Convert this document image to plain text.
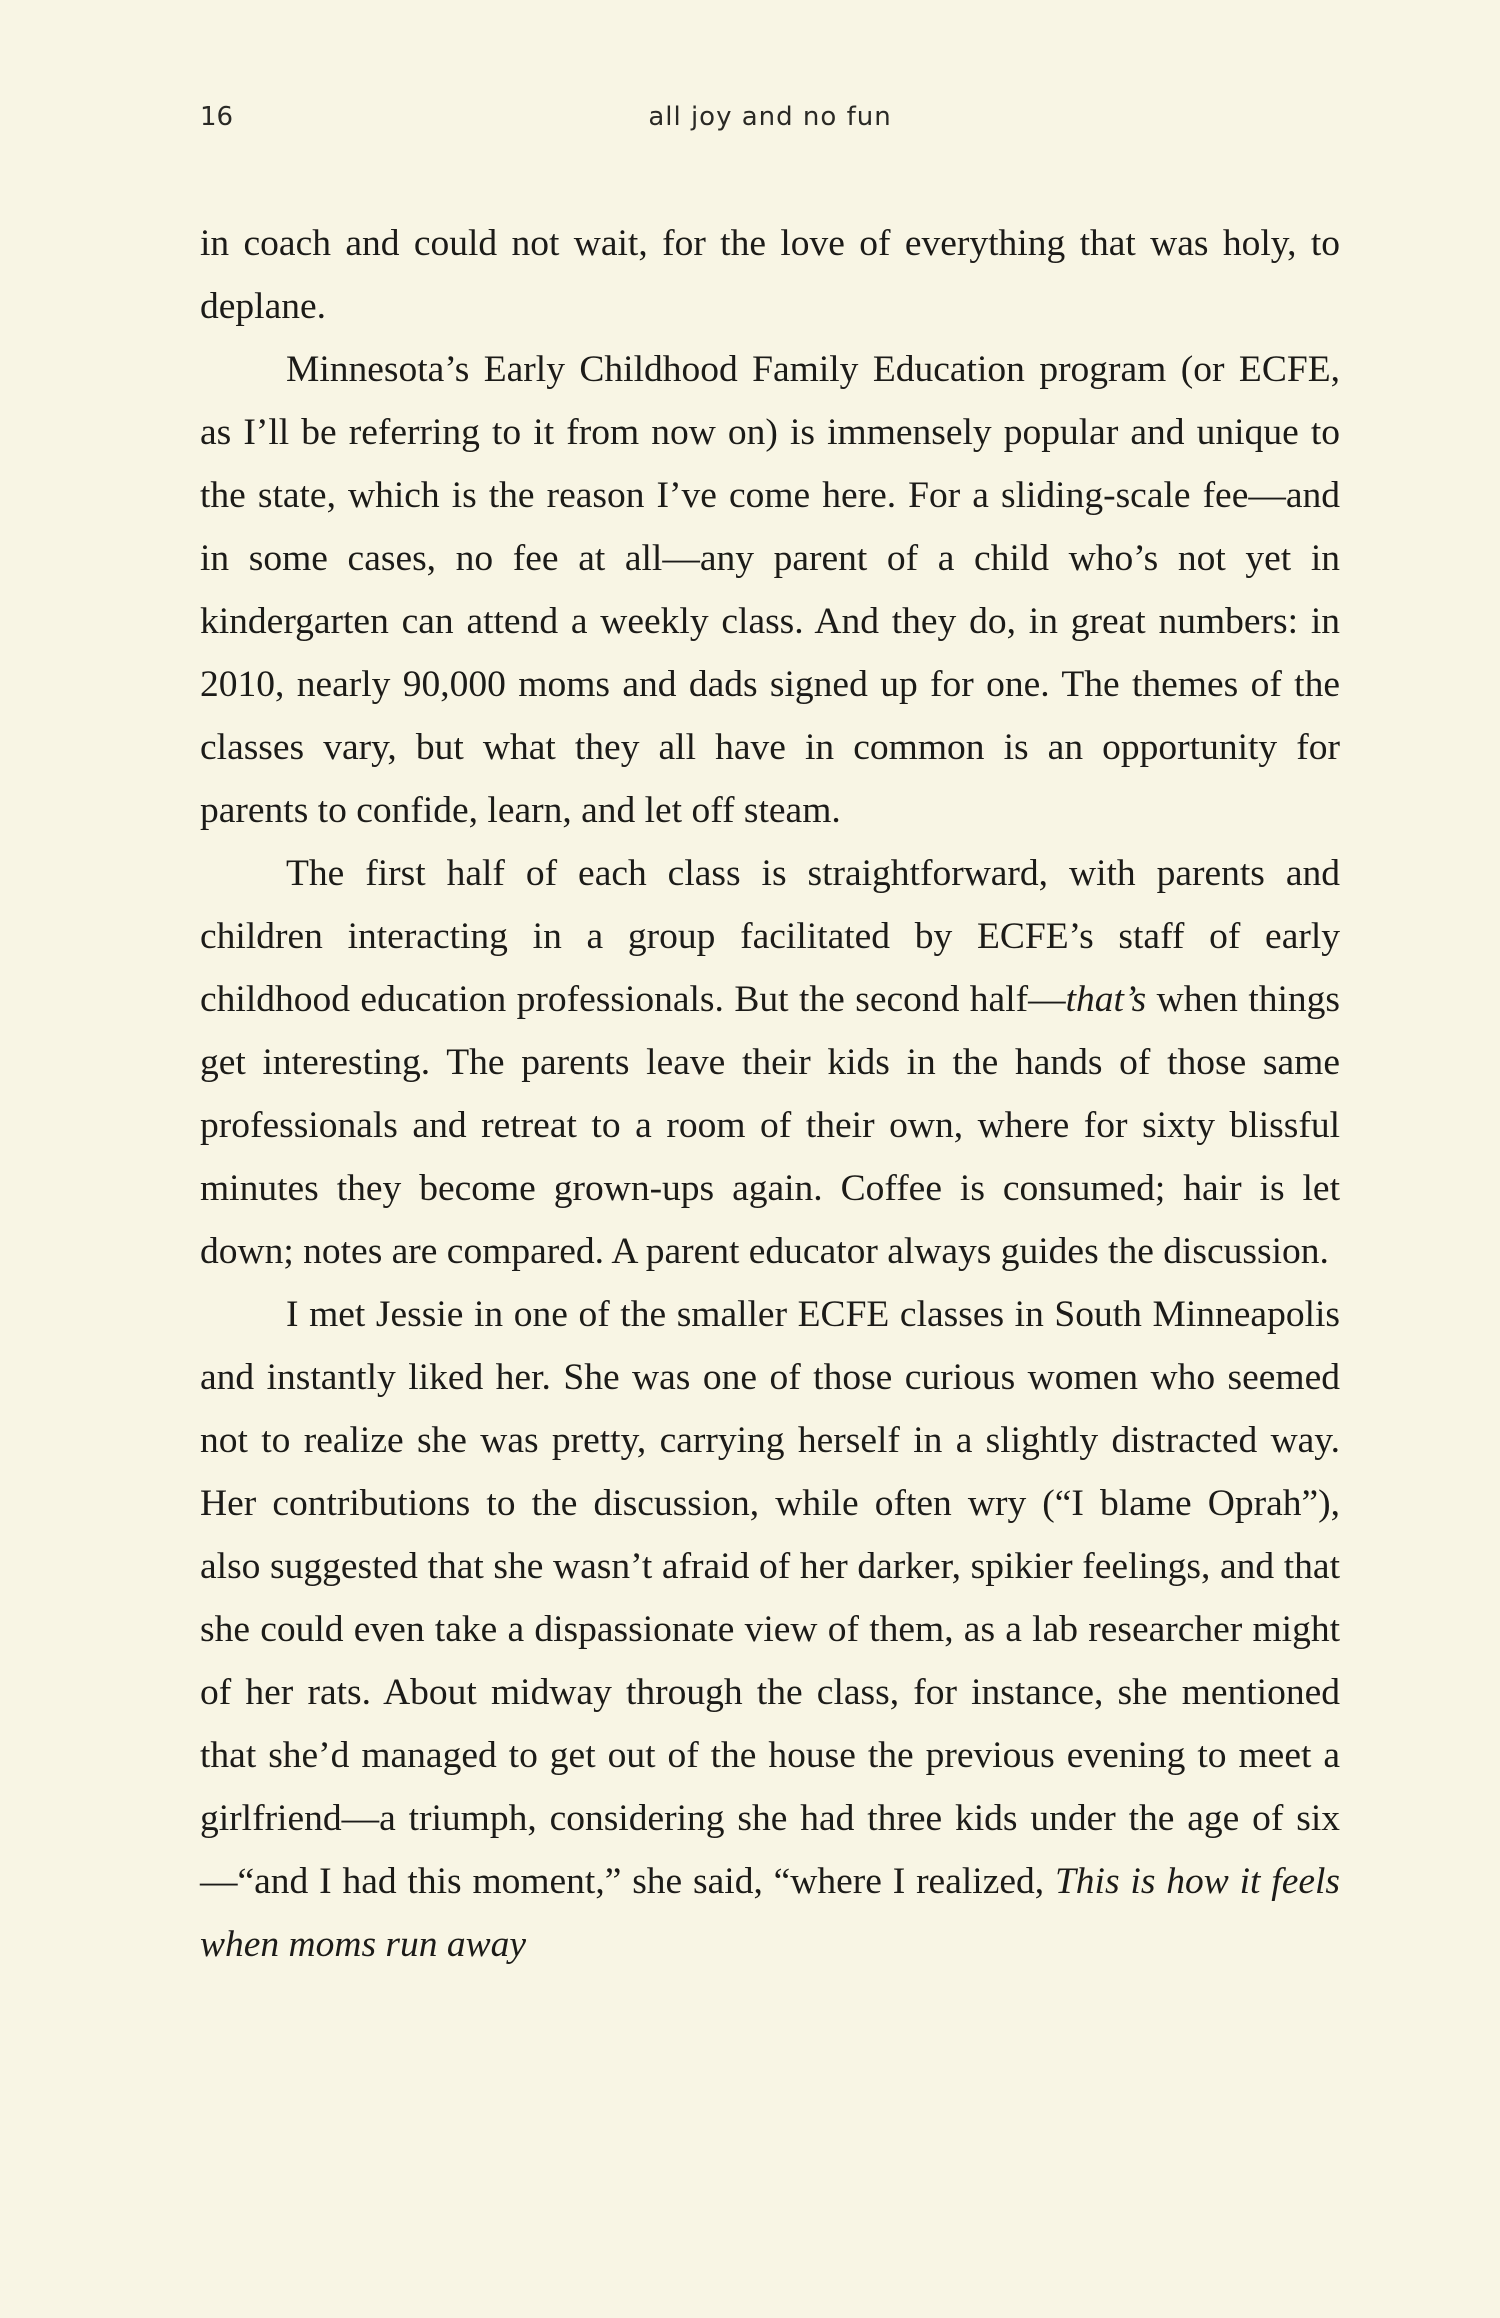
16	all joy and no fun

in coach and could not wait, for the love of everything that was holy, to deplane.

Minnesota’s Early Childhood Family Education program (or ECFE, as I’ll be referring to it from now on) is immensely popular and unique to the state, which is the reason I’ve come here. For a sliding-scale fee—and in some cases, no fee at all—any parent of a child who’s not yet in kindergarten can attend a weekly class. And they do, in great numbers: in 2010, nearly 90,000 moms and dads signed up for one. The themes of the classes vary, but what they all have in common is an opportunity for parents to confide, learn, and let off steam.

The first half of each class is straightforward, with parents and children interacting in a group facilitated by ECFE’s staff of early childhood education professionals. But the second half—that’s when things get interesting. The parents leave their kids in the hands of those same professionals and retreat to a room of their own, where for sixty blissful minutes they become grown-ups again. Coffee is consumed; hair is let down; notes are compared. A parent educator always guides the discussion.

I met Jessie in one of the smaller ECFE classes in South Minneapolis and instantly liked her. She was one of those curious women who seemed not to realize she was pretty, carrying herself in a slightly distracted way. Her contributions to the discussion, while often wry (“I blame Oprah”), also suggested that she wasn’t afraid of her darker, spikier feelings, and that she could even take a dispassionate view of them, as a lab researcher might of her rats. About midway through the class, for instance, she mentioned that she’d managed to get out of the house the previous evening to meet a girlfriend—a triumph, considering she had three kids under the age of six—“and I had this moment,” she said, “where I realized, This is how it feels when moms run away
